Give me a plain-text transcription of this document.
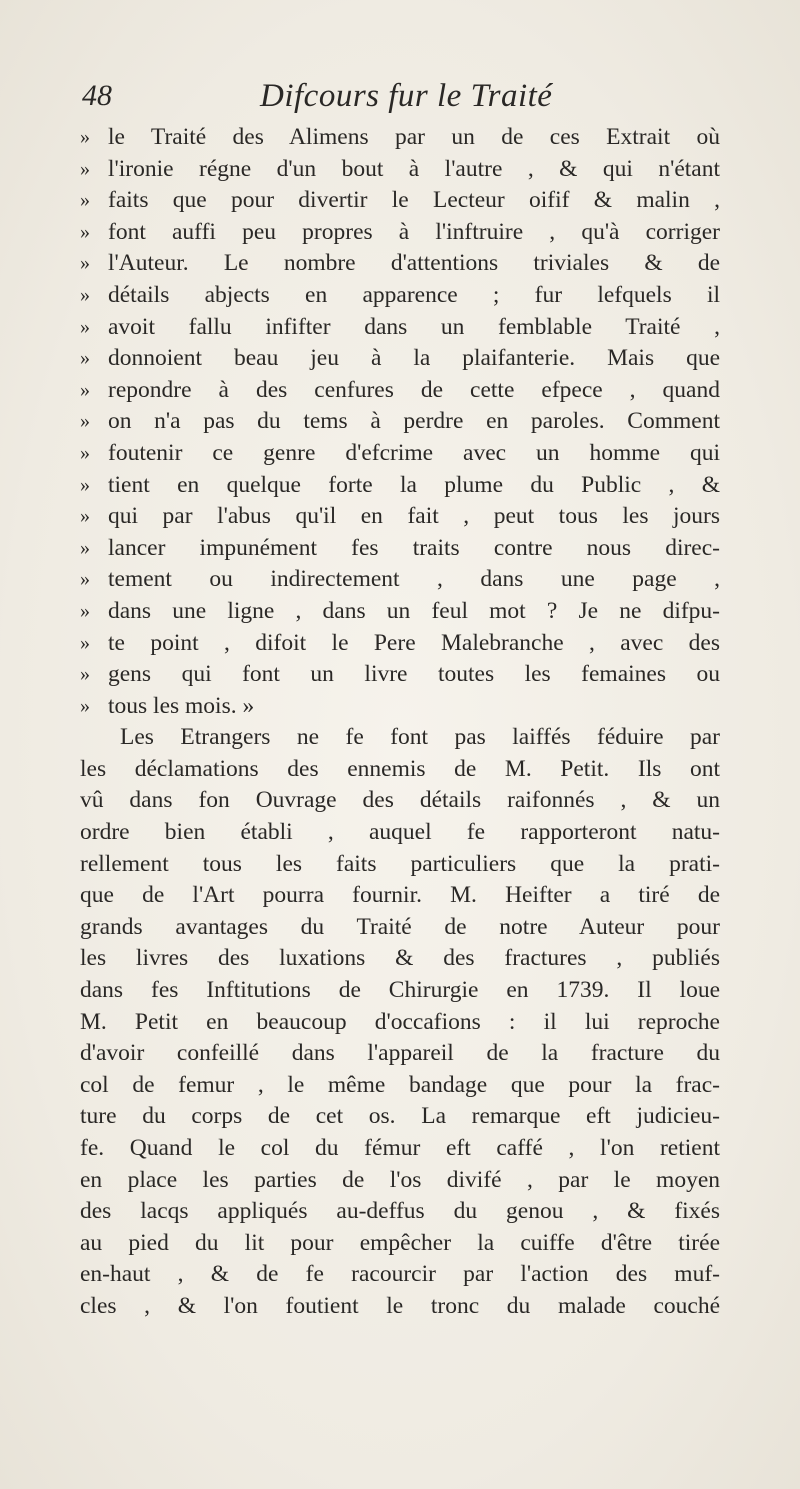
48	Difcours fur le Traité
» le Traité des Alimens par un de ces Extrait où
» l'ironie régne d'un bout à l'autre , & qui n'étant
» faits que pour divertir le Lecteur oifif & malin ,
» font auffi peu propres à l'inftruire , qu'à corriger
» l'Auteur. Le nombre d'attentions triviales & de
» détails abjects en apparence ; fur lefquels il
» avoit fallu infifter dans un femblable Traité ,
» donnoient beau jeu à la plaifanterie. Mais que
» repondre à des cenfures de cette efpece , quand
» on n'a pas du tems à perdre en paroles. Comment
» foutenir ce genre d'efcrime avec un homme qui
» tient en quelque forte la plume du Public , &
» qui par l'abus qu'il en fait , peut tous les jours
» lancer impunément fes traits contre nous direc-
» tement ou indirectement , dans une page ,
» dans une ligne , dans un feul mot ? Je ne difpu-
» te point , difoit le Pere Malebranche , avec des
» gens qui font un livre toutes les femaines ou
» tous les mois. »
Les Etrangers ne fe font pas laiffés féduire par
les déclamations des ennemis de M. Petit. Ils ont
vû dans fon Ouvrage des détails raifonnés , & un
ordre bien établi , auquel fe rapporteront natu-
rellement tous les faits particuliers que la prati-
que de l'Art pourra fournir. M. Heifter a tiré de
grands avantages du Traité de notre Auteur pour
les livres des luxations & des fractures , publiés
dans fes Inftitutions de Chirurgie en 1739. Il loue
M. Petit en beaucoup d'occafions : il lui reproche
d'avoir confeillé dans l'appareil de la fracture du
col de femur , le même bandage que pour la frac-
ture du corps de cet os. La remarque eft judicieu-
fe. Quand le col du fémur eft caffé , l'on retient
en place les parties de l'os divifé , par le moyen
des lacqs appliqués au-deffus du genou , & fixés
au pied du lit pour empêcher la cuiffe d'être tirée
en-haut , & de fe racourcir par l'action des muf-
cles , & l'on foutient le tronc du malade couché
